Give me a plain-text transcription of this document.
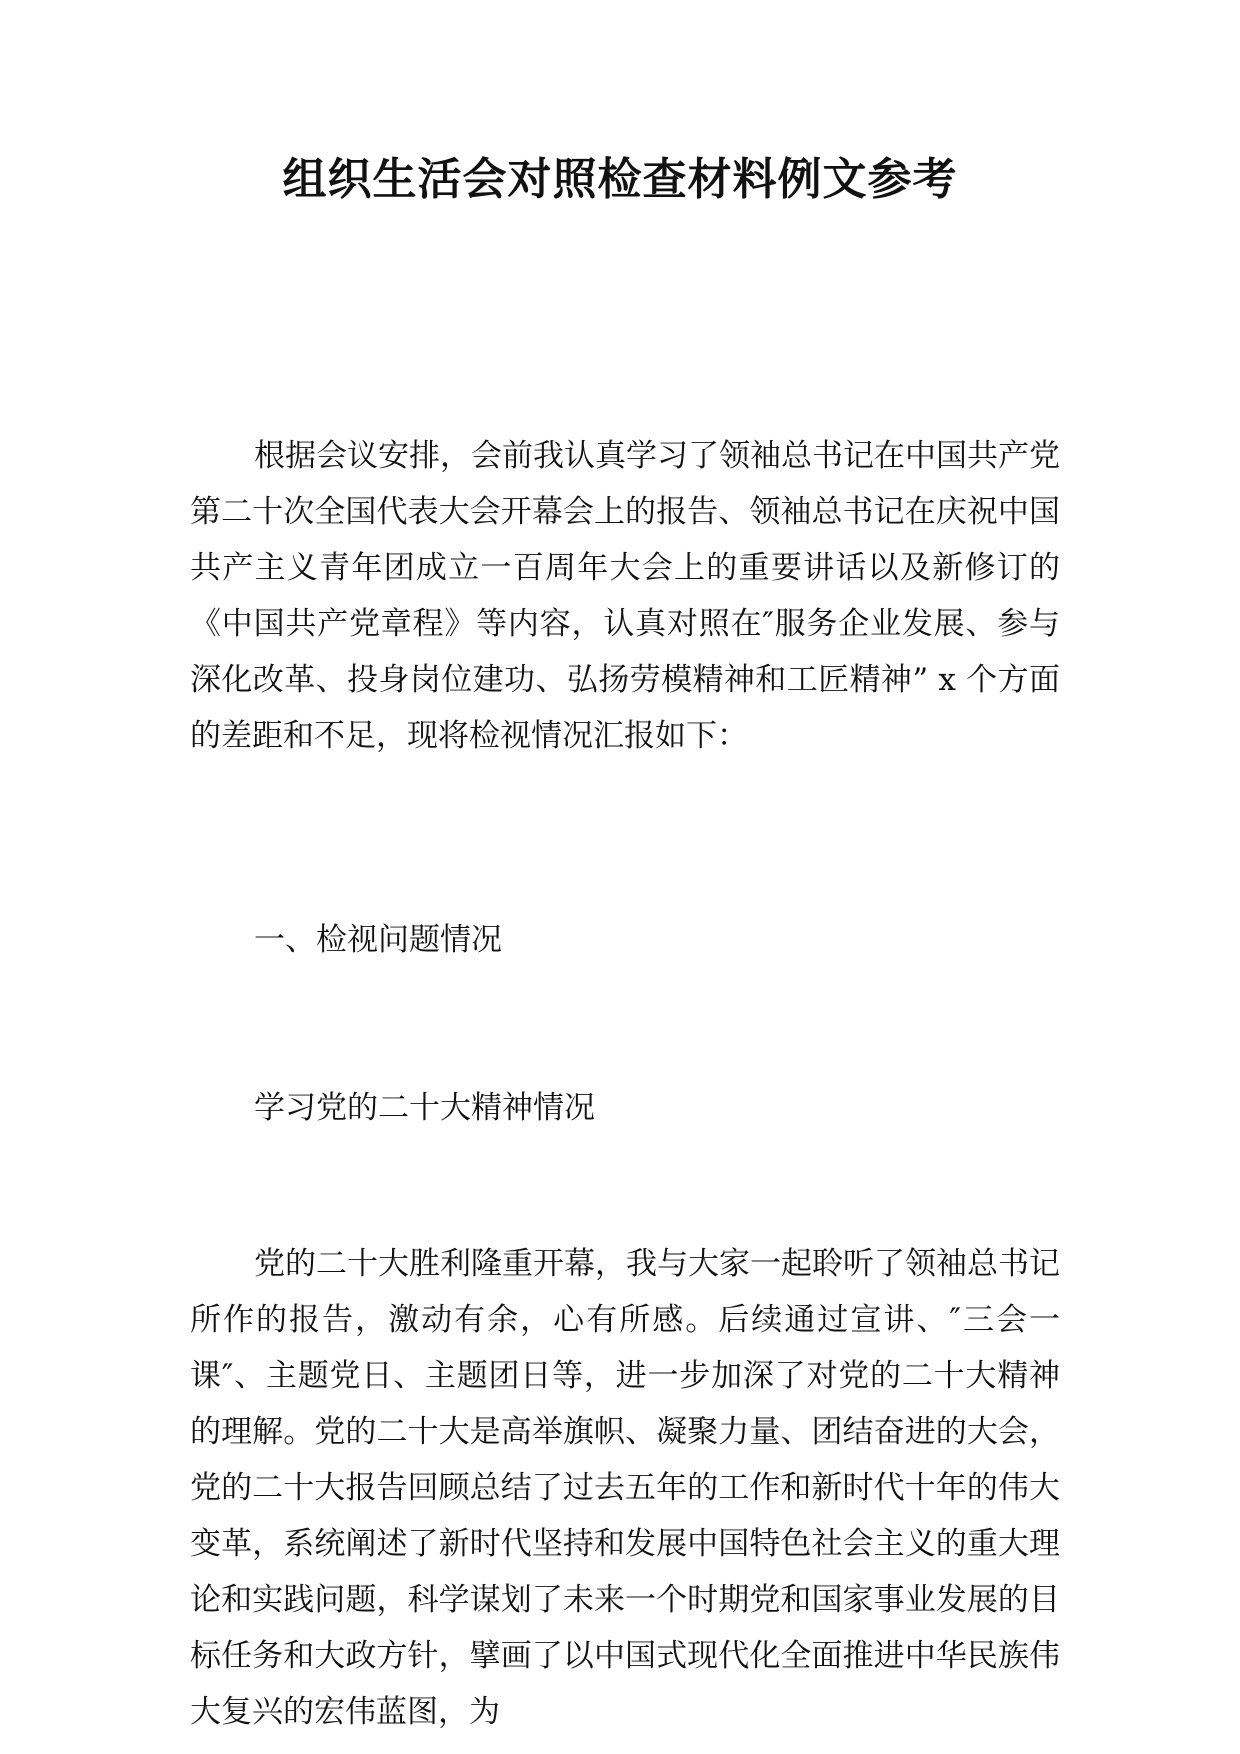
组织生活会对照检查材料例文参考

根据会议安排，会前我认真学习了领袖总书记在中国共产党第二十次全国代表大会开幕会上的报告、领袖总书记在庆祝中国共产主义青年团成立一百周年大会上的重要讲话以及新修订的《中国共产党章程》等内容，认真对照在″服务企业发展、参与深化改革、投身岗位建功、弘扬劳模精神和工匠精神” x 个方面的差距和不足，现将检视情况汇报如下：

一、检视问题情况

学习党的二十大精神情况

党的二十大胜利隆重开幕，我与大家一起聆听了领袖总书记所作的报告，激动有余，心有所感。后续通过宣讲、″三会一课″、主题党日、主题团日等，进一步加深了对党的二十大精神的理解。党的二十大是高举旗帜、凝聚力量、团结奋进的大会，党的二十大报告回顾总结了过去五年的工作和新时代十年的伟大变革，系统阐述了新时代坚持和发展中国特色社会主义的重大理论和实践问题，科学谋划了未来一个时期党和国家事业发展的目标任务和大政方针，擘画了以中国式现代化全面推进中华民族伟大复兴的宏伟蓝图，为
